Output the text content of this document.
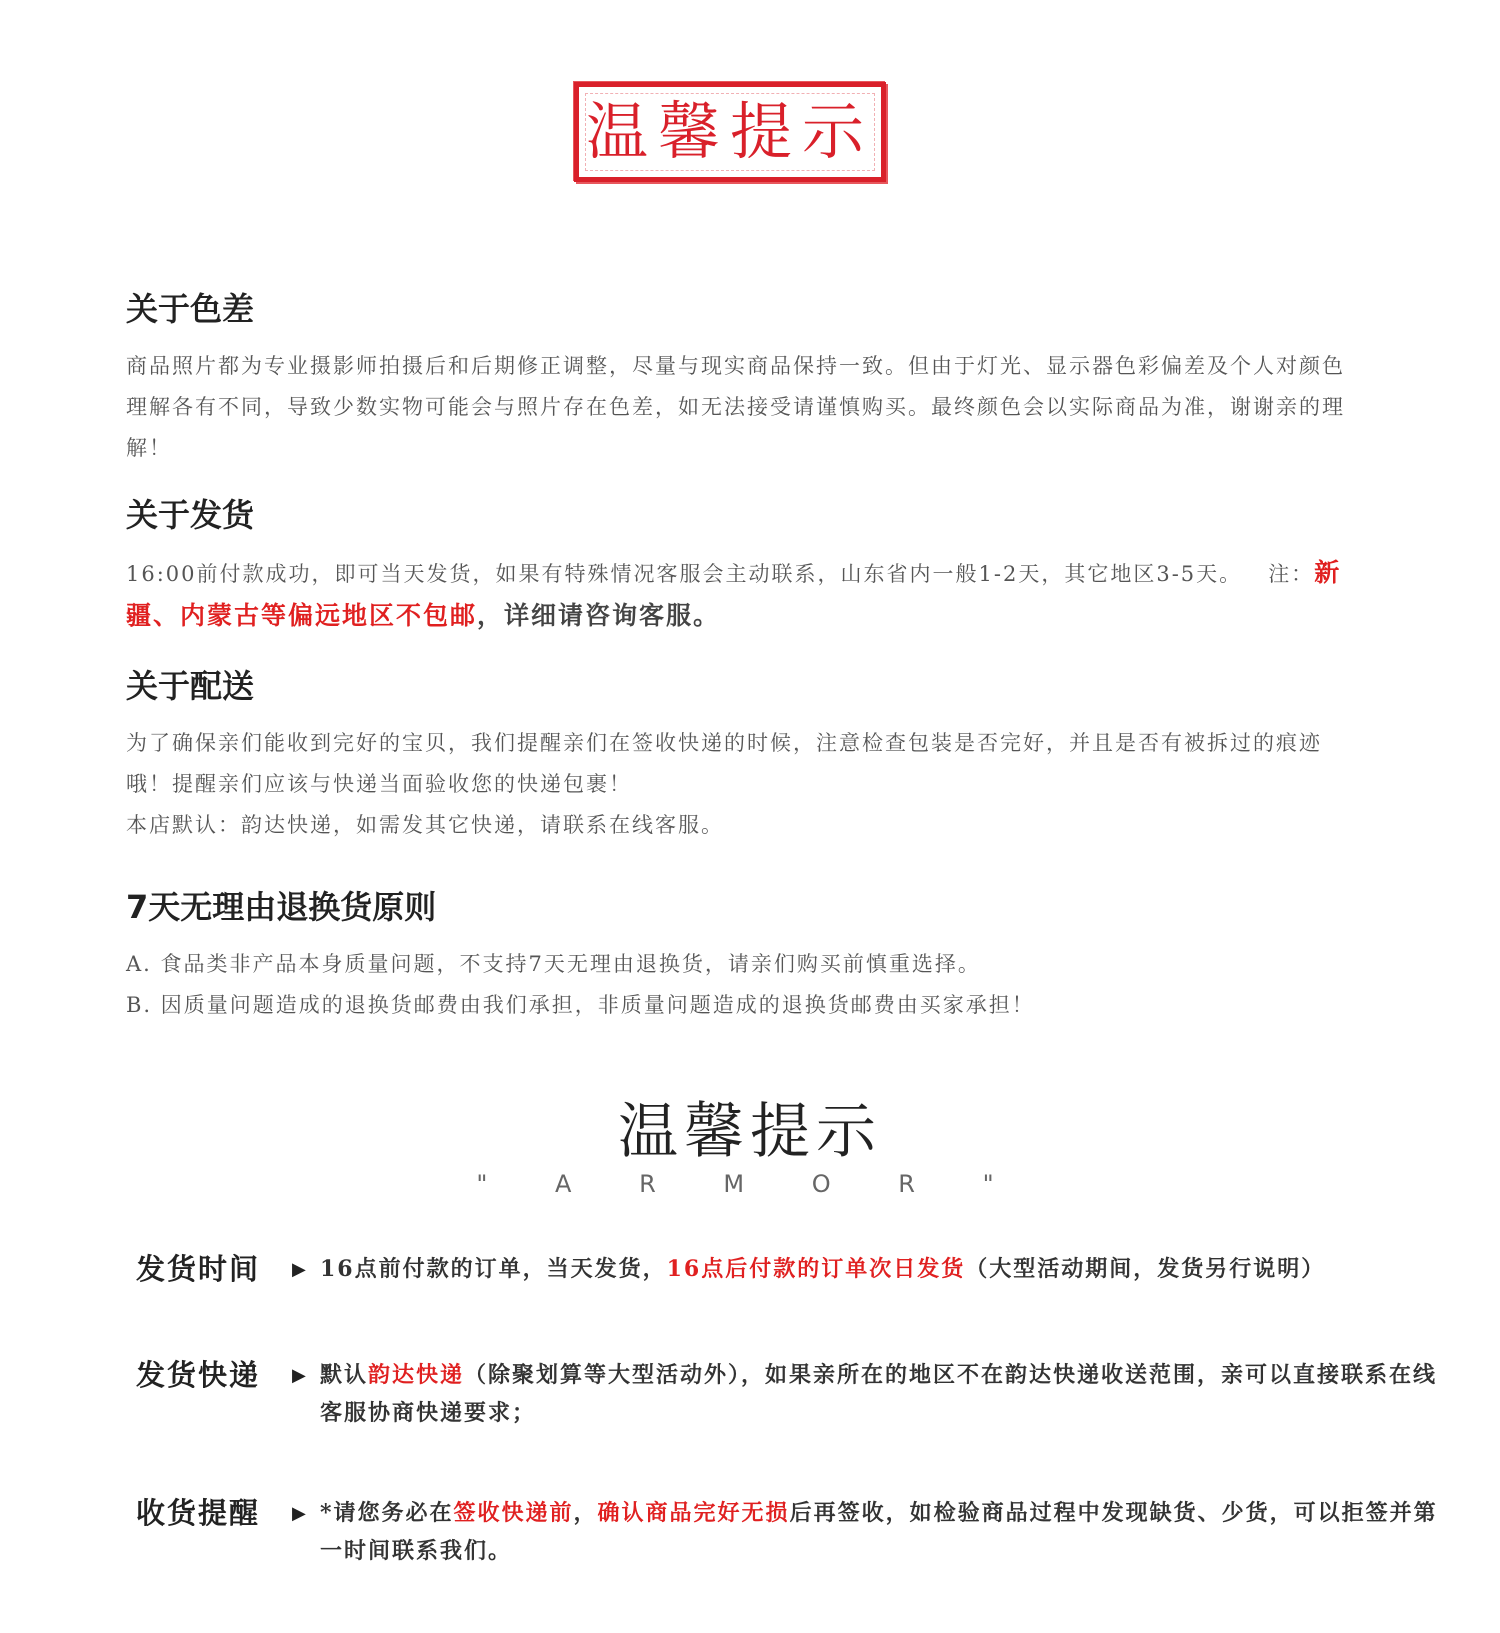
温馨提示
关于色差

商品照片都为专业摄影师拍摄后和后期修正调整，尽量与现实商品保持一致。但由于灯光、显示器色彩偏差及个人对颜色理解各有不同，导致少数实物可能会与照片存在色差，如无法接受请谨慎购买。最终颜色会以实际商品为准，谢谢亲的理解！

关于发货

16:00前付款成功，即可当天发货，如果有特殊情况客服会主动联系，山东省内一般1-2天，其它地区3-5天。 注：新疆、内蒙古等偏远地区不包邮，详细请咨询客服。

关于配送

为了确保亲们能收到完好的宝贝，我们提醒亲们在签收快递的时候，注意检查包装是否完好，并且是否有被拆过的痕迹哦！提醒亲们应该与快递当面验收您的快递包裹！

本店默认：韵达快递，如需发其它快递，请联系在线客服。

7天无理由退换货原则

A. 食品类非产品本身质量问题，不支持7天无理由退换货，请亲们购买前慎重选择。

B. 因质量问题造成的退换货邮费由我们承担，非质量问题造成的退换货邮费由买家承担！

温馨提示
" A R M O R "
发货时间	▶ 16点前付款的订单，当天发货，16点后付款的订单次日发货（大型活动期间，发货另行说明）
发货快递	▶ 默认韵达快递（除聚划算等大型活动外），如果亲所在的地区不在韵达快递收送范围，亲可以直接联系在线客服协商快递要求；
收货提醒	▶ *请您务必在签收快递前，确认商品完好无损后再签收，如检验商品过程中发现缺货、少货，可以拒签并第一时间联系我们。
